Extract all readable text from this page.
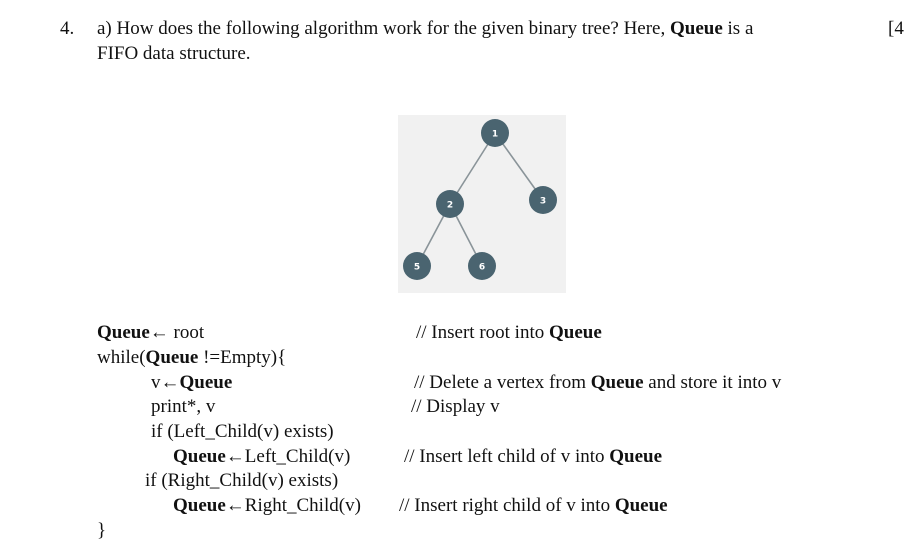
4. a) How does the following algorithm work for the given binary tree? Here, Queue is a	[4
FIFO data structure.
1
2	3
5	6
Queue← root
while(Queue !=Empty){
v←Queue
print*, v
if (Left_Child(v) exists)
Queue←Left_Child(v)
if (Right_Child(v) exists)
Queue←Right_Child(v)
}
// Insert root into Queue
// Delete a vertex from Queue and store it into v
// Display v
// Insert left child of v into Queue
// Insert right child of v into Queue
